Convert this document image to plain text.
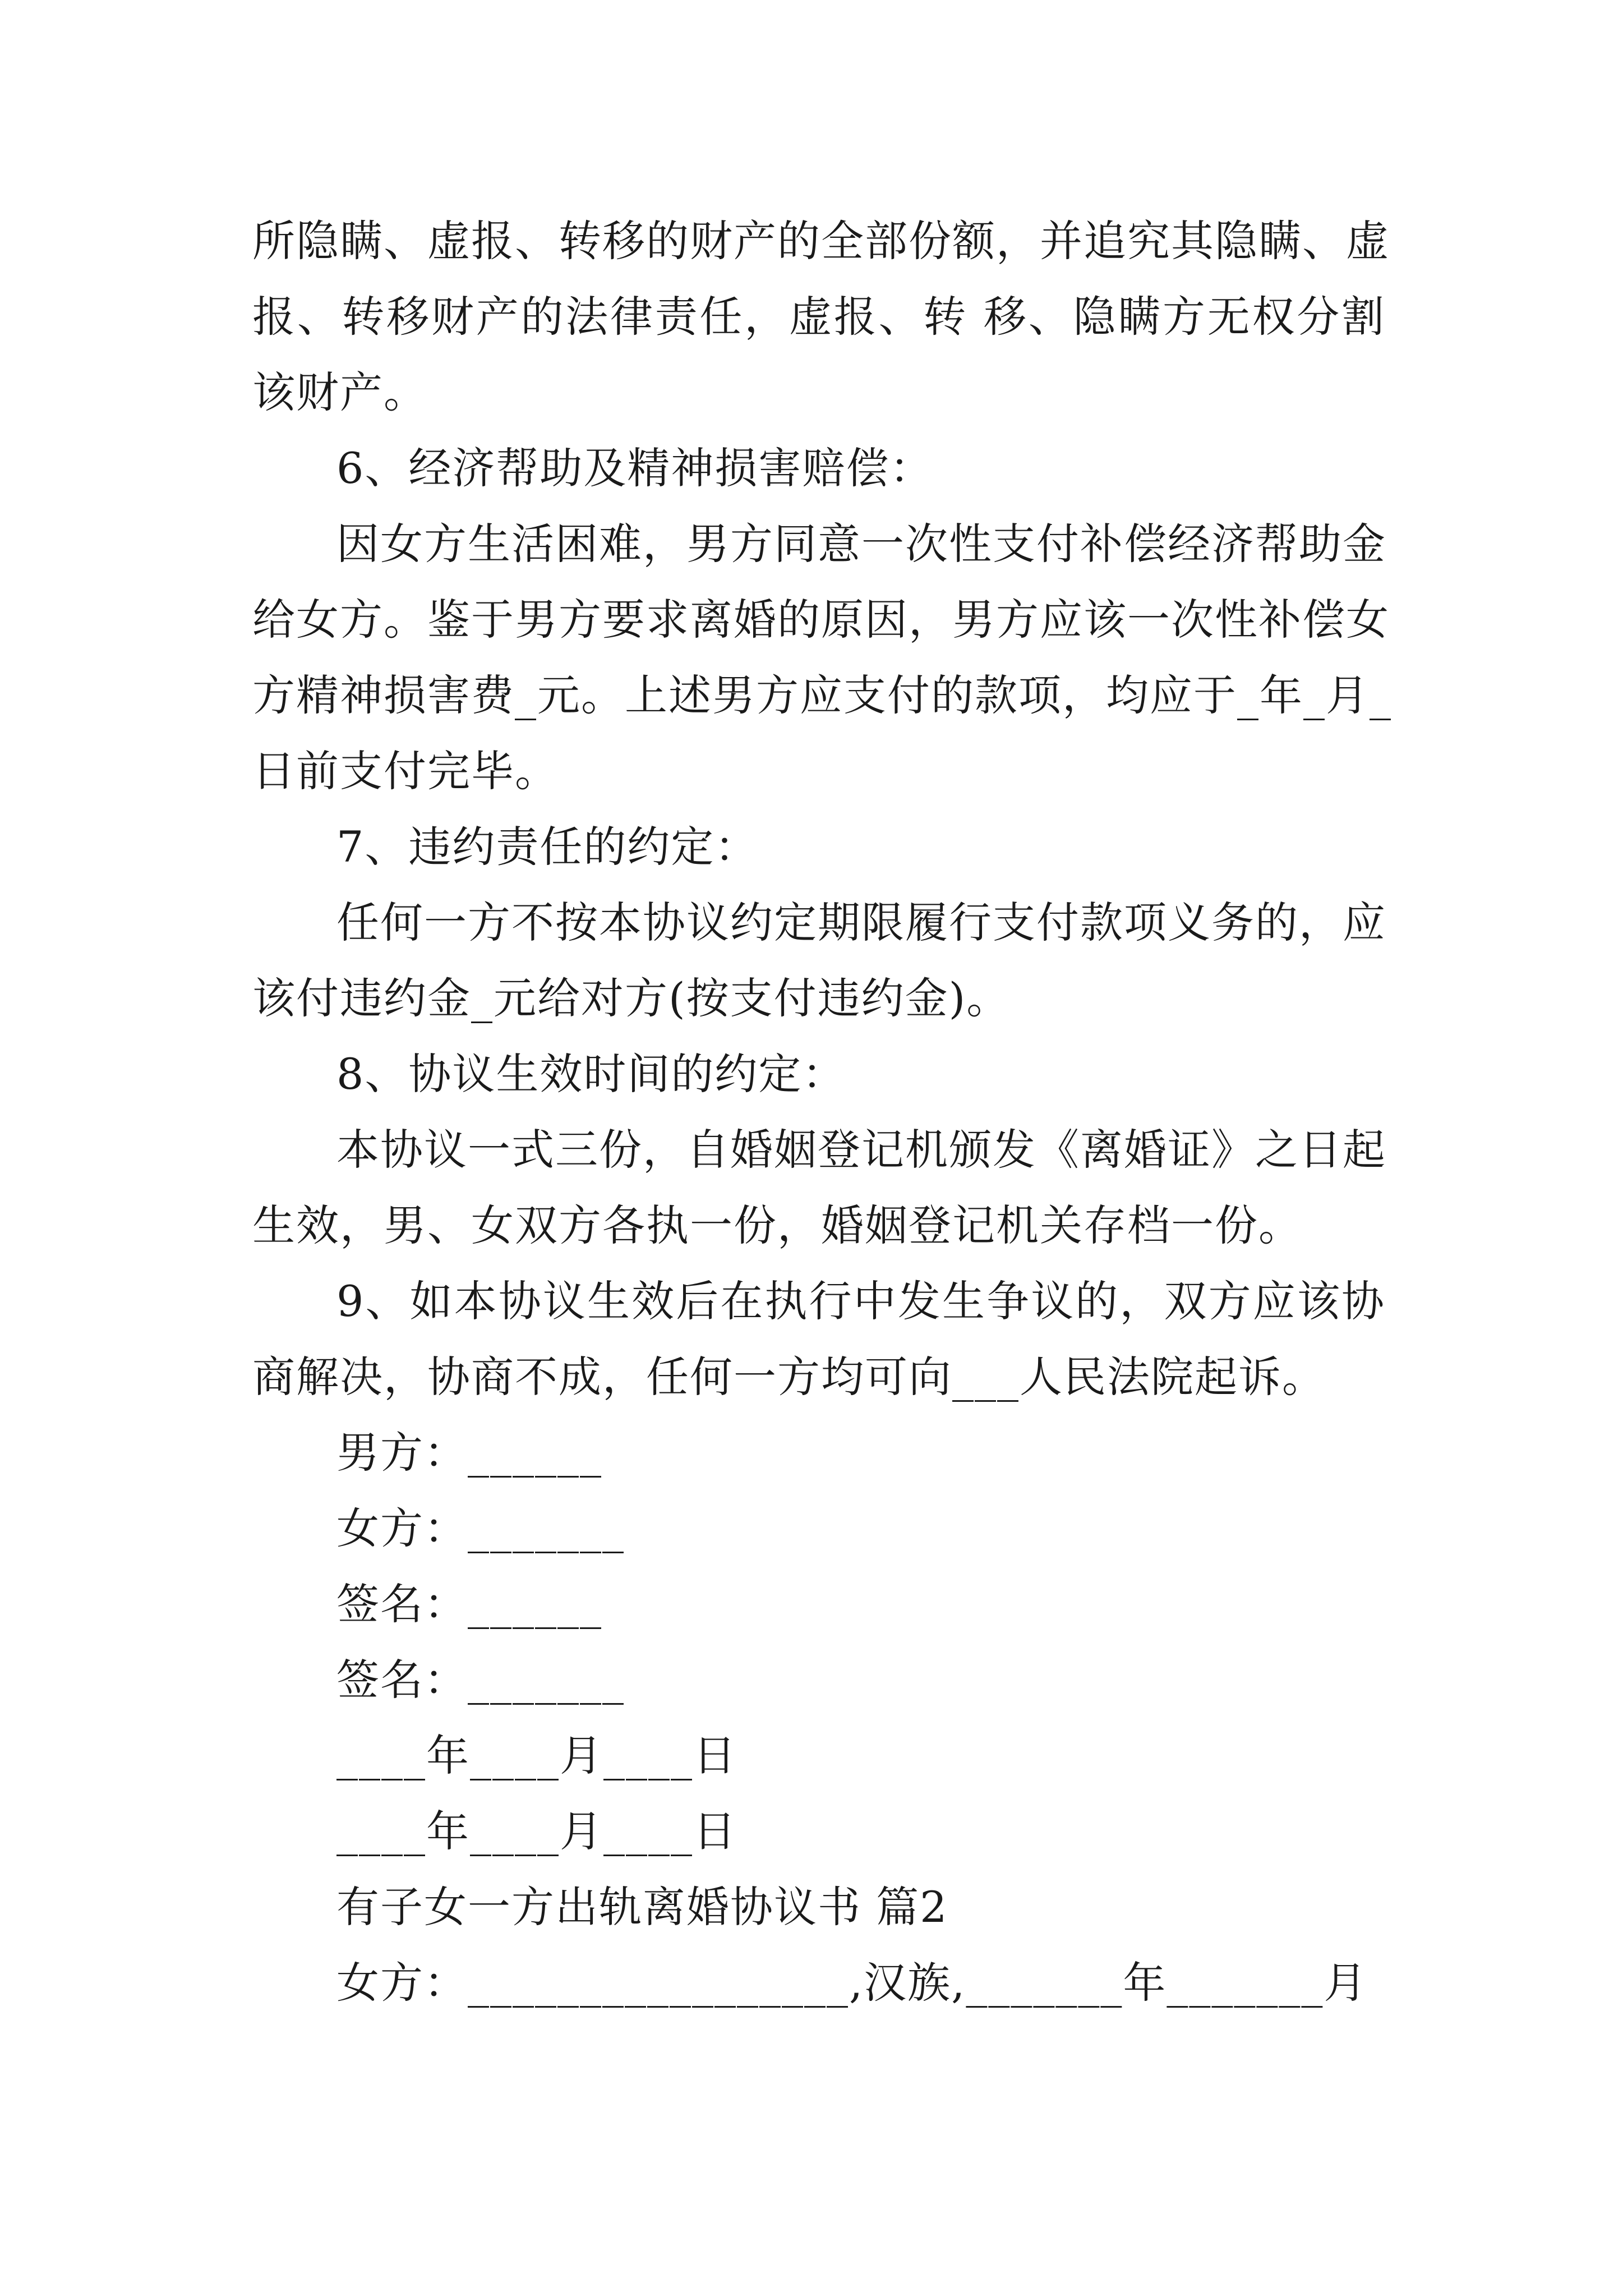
所隐瞒、虚报、转移的财产的全部份额，并追究其隐瞒、虚
报、转移财产的法律责任，虚报、转 移、隐瞒方无权分割
该财产。
6、经济帮助及精神损害赔偿：
因女方生活困难，男方同意一次性支付补偿经济帮助金
给女方。鉴于男方要求离婚的原因，男方应该一次性补偿女
方精神损害费_元。上述男方应支付的款项，均应于_年_月_
日前支付完毕。
7、违约责任的约定：
任何一方不按本协议约定期限履行支付款项义务的，应
该付违约金_元给对方(按支付违约金)。
8、协议生效时间的约定：
本协议一式三份，自婚姻登记机颁发《离婚证》之日起
生效，男、女双方各执一份，婚姻登记机关存档一份。
9、如本协议生效后在执行中发生争议的，双方应该协
商解决，协商不成，任何一方均可向___人民法院起诉。
男方：______
女方：_______
签名：______
签名：_______
____年____月____日
____年____月____日
有子女一方出轨离婚协议书 篇2
女方：_________________,汉族,_______年_______月
